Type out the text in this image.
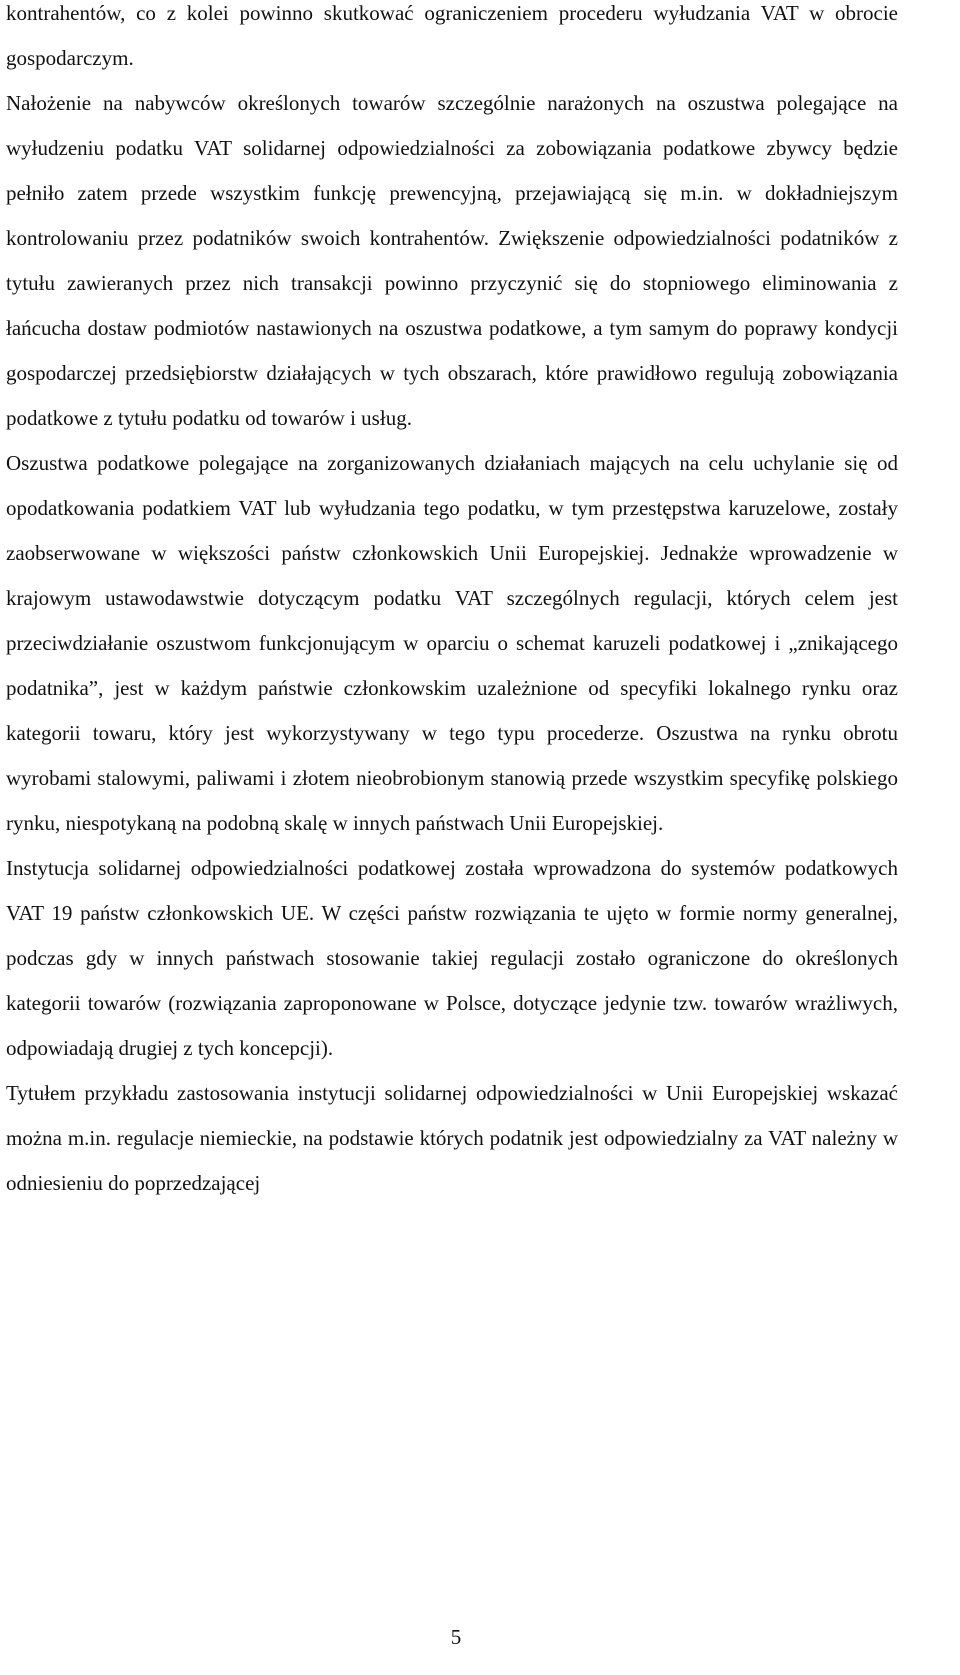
kontrahentów, co z kolei powinno skutkować ograniczeniem procederu wyłudzania VAT w obrocie gospodarczym.

Nałożenie na nabywców określonych towarów szczególnie narażonych na oszustwa polegające na wyłudzeniu podatku VAT solidarnej odpowiedzialności za zobowiązania podatkowe zbywcy będzie pełniło zatem przede wszystkim funkcję prewencyjną, przejawiającą się m.in. w dokładniejszym kontrolowaniu przez podatników swoich kontrahentów. Zwiększenie odpowiedzialności podatników z tytułu zawieranych przez nich transakcji powinno przyczynić się do stopniowego eliminowania z łańcucha dostaw podmiotów nastawionych na oszustwa podatkowe, a tym samym do poprawy kondycji gospodarczej przedsiębiorstw działających w tych obszarach, które prawidłowo regulują zobowiązania podatkowe z tytułu podatku od towarów i usług.

Oszustwa podatkowe polegające na zorganizowanych działaniach mających na celu uchylanie się od opodatkowania podatkiem VAT lub wyłudzania tego podatku, w tym przestępstwa karuzelowe, zostały zaobserwowane w większości państw członkowskich Unii Europejskiej. Jednakże wprowadzenie w krajowym ustawodawstwie dotyczącym podatku VAT szczególnych regulacji, których celem jest przeciwdziałanie oszustwom funkcjonującym w oparciu o schemat karuzeli podatkowej i „znikającego podatnika”, jest w każdym państwie członkowskim uzależnione od specyfiki lokalnego rynku oraz kategorii towaru, który jest wykorzystywany w tego typu procederze. Oszustwa na rynku obrotu wyrobami stalowymi, paliwami i złotem nieobrobionym stanowią przede wszystkim specyfikę polskiego rynku, niespotykaną na podobną skalę w innych państwach Unii Europejskiej.

Instytucja solidarnej odpowiedzialności podatkowej została wprowadzona do systemów podatkowych VAT 19 państw członkowskich UE. W części państw rozwiązania te ujęto w formie normy generalnej, podczas gdy w innych państwach stosowanie takiej regulacji zostało ograniczone do określonych kategorii towarów (rozwiązania zaproponowane w Polsce, dotyczące jedynie tzw. towarów wrażliwych, odpowiadają drugiej z tych koncepcji).

Tytułem przykładu zastosowania instytucji solidarnej odpowiedzialności w Unii Europejskiej wskazać można m.in. regulacje niemieckie, na podstawie których podatnik jest odpowiedzialny za VAT należny w odniesieniu do poprzedzającej

5
